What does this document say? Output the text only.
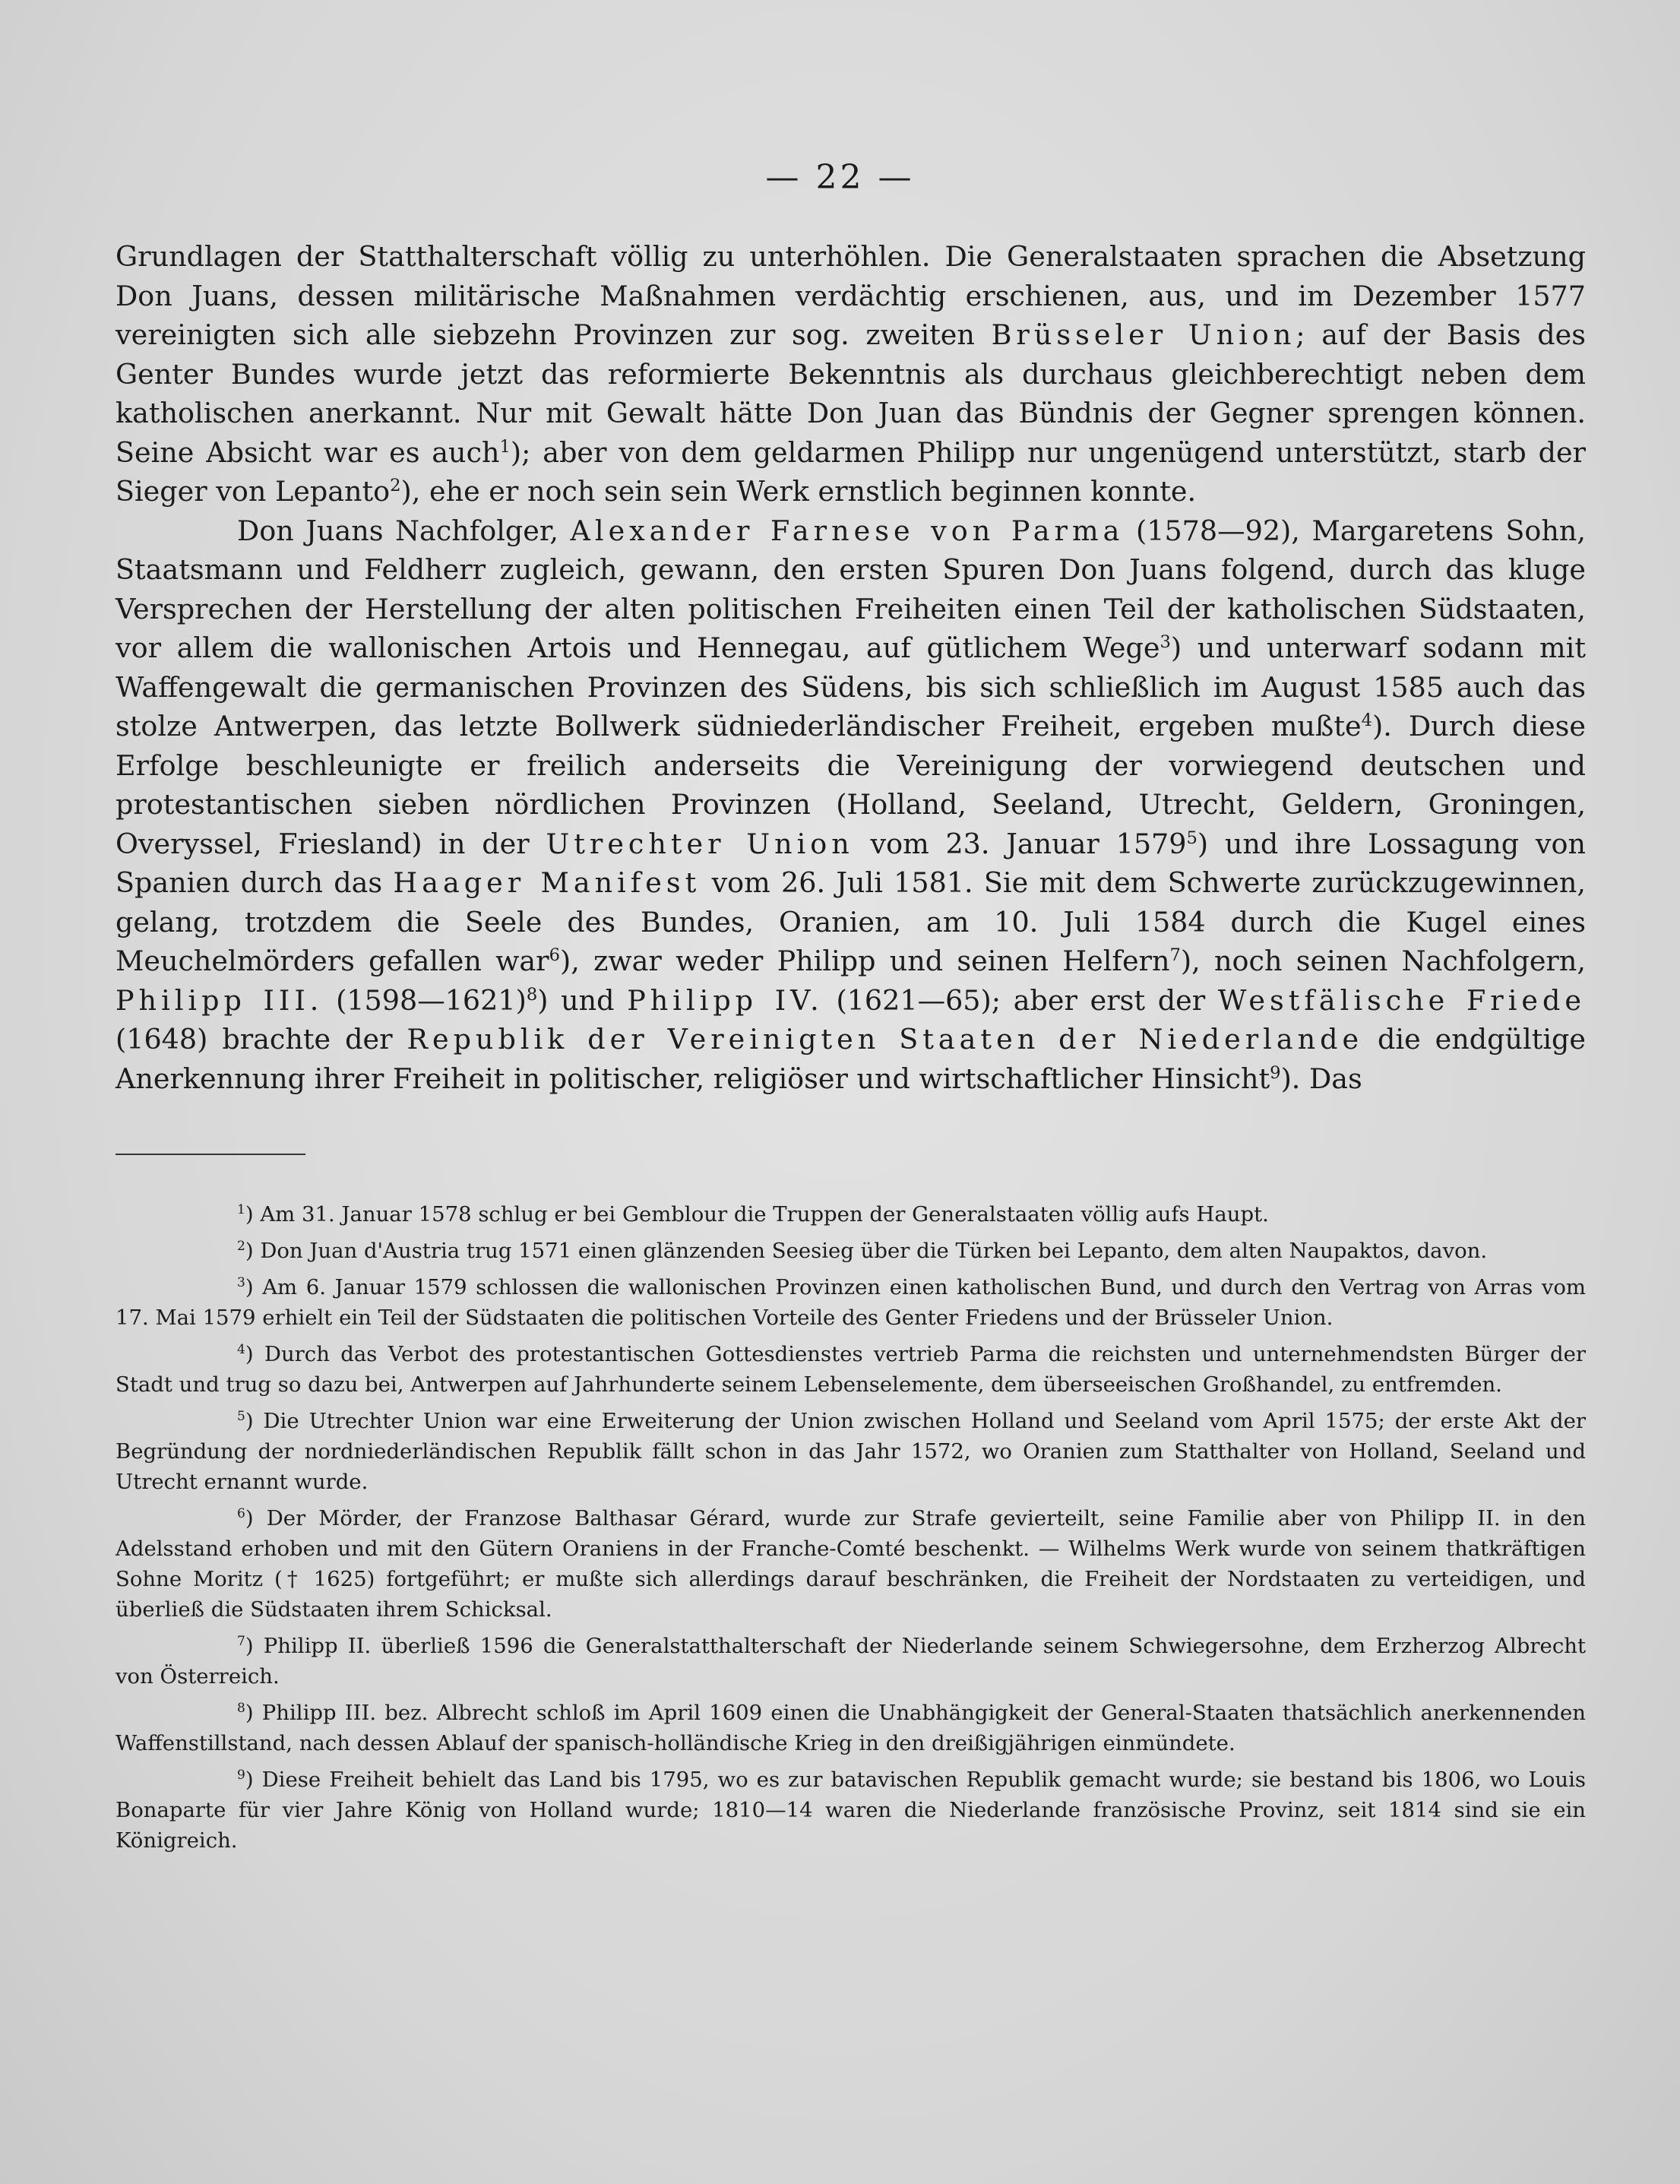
— 22 —

Grundlagen der Statthalterschaft völlig zu unterhöhlen. Die Generalstaaten sprachen die Absetzung Don Juans, dessen militärische Maßnahmen verdächtig erschienen, aus, und im Dezember 1577 vereinigten sich alle siebzehn Provinzen zur sog. zweiten Brüsseler Union; auf der Basis des Genter Bundes wurde jetzt das reformierte Bekenntnis als durchaus gleichberechtigt neben dem katholischen anerkannt. Nur mit Gewalt hätte Don Juan das Bündnis der Gegner sprengen können. Seine Absicht war es auch$^1$); aber von dem geldarmen Philipp nur ungenügend unterstützt, starb der Sieger von Lepanto$^2$), ehe er noch sein sein Werk ernstlich beginnen konnte.

Don Juans Nachfolger, Alexander Farnese von Parma (1578—92), Margaretens Sohn, Staatsmann und Feldherr zugleich, gewann, den ersten Spuren Don Juans folgend, durch das kluge Versprechen der Herstellung der alten politischen Freiheiten einen Teil der katholischen Südstaaten, vor allem die wallonischen Artois und Hennegau, auf gütlichem Wege$^3$) und unterwarf sodann mit Waffengewalt die germanischen Provinzen des Südens, bis sich schließlich im August 1585 auch das stolze Antwerpen, das letzte Bollwerk südniederländischer Freiheit, ergeben mußte$^4$). Durch diese Erfolge beschleunigte er freilich anderseits die Vereinigung der vorwiegend deutschen und protestantischen sieben nördlichen Provinzen (Holland, Seeland, Utrecht, Geldern, Groningen, Overyssel, Friesland) in der Utrechter Union vom 23. Januar 1579$^5$) und ihre Lossagung von Spanien durch das Haager Manifest vom 26. Juli 1581. Sie mit dem Schwerte zurückzugewinnen, gelang, trotzdem die Seele des Bundes, Oranien, am 10. Juli 1584 durch die Kugel eines Meuchelmörders gefallen war$^6$), zwar weder Philipp und seinen Helfern$^7$), noch seinen Nachfolgern, Philipp III. (1598—1621)$^8$) und Philipp IV. (1621—65); aber erst der Westfälische Friede (1648) brachte der Republik der Vereinigten Staaten der Niederlande die endgültige Anerkennung ihrer Freiheit in politischer, religiöser und wirtschaftlicher Hinsicht$^9$). Das

$^1$) Am 31. Januar 1578 schlug er bei Gemblour die Truppen der Generalstaaten völlig aufs Haupt.

$^2$) Don Juan d'Austria trug 1571 einen glänzenden Seesieg über die Türken bei Lepanto, dem alten Naupaktos, davon.

$^3$) Am 6. Januar 1579 schlossen die wallonischen Provinzen einen katholischen Bund, und durch den Vertrag von Arras vom 17. Mai 1579 erhielt ein Teil der Südstaaten die politischen Vorteile des Genter Friedens und der Brüsseler Union.

$^4$) Durch das Verbot des protestantischen Gottesdienstes vertrieb Parma die reichsten und unternehmendsten Bürger der Stadt und trug so dazu bei, Antwerpen auf Jahrhunderte seinem Lebenselemente, dem überseeischen Großhandel, zu entfremden.

$^5$) Die Utrechter Union war eine Erweiterung der Union zwischen Holland und Seeland vom April 1575; der erste Akt der Begründung der nordniederländischen Republik fällt schon in das Jahr 1572, wo Oranien zum Statthalter von Holland, Seeland und Utrecht ernannt wurde.

$^6$) Der Mörder, der Franzose Balthasar Gérard, wurde zur Strafe gevierteilt, seine Familie aber von Philipp II. in den Adelsstand erhoben und mit den Gütern Oraniens in der Franche-Comté beschenkt. — Wilhelms Werk wurde von seinem thatkräftigen Sohne Moritz († 1625) fortgeführt; er mußte sich allerdings darauf beschränken, die Freiheit der Nordstaaten zu verteidigen, und überließ die Südstaaten ihrem Schicksal.

$^7$) Philipp II. überließ 1596 die Generalstatthalterschaft der Niederlande seinem Schwiegersohne, dem Erzherzog Albrecht von Österreich.

$^8$) Philipp III. bez. Albrecht schloß im April 1609 einen die Unabhängigkeit der General-Staaten thatsächlich anerkennenden Waffenstillstand, nach dessen Ablauf der spanisch-holländische Krieg in den dreißigjährigen einmündete.

$^9$) Diese Freiheit behielt das Land bis 1795, wo es zur batavischen Republik gemacht wurde; sie bestand bis 1806, wo Louis Bonaparte für vier Jahre König von Holland wurde; 1810—14 waren die Niederlande französische Provinz, seit 1814 sind sie ein Königreich.
